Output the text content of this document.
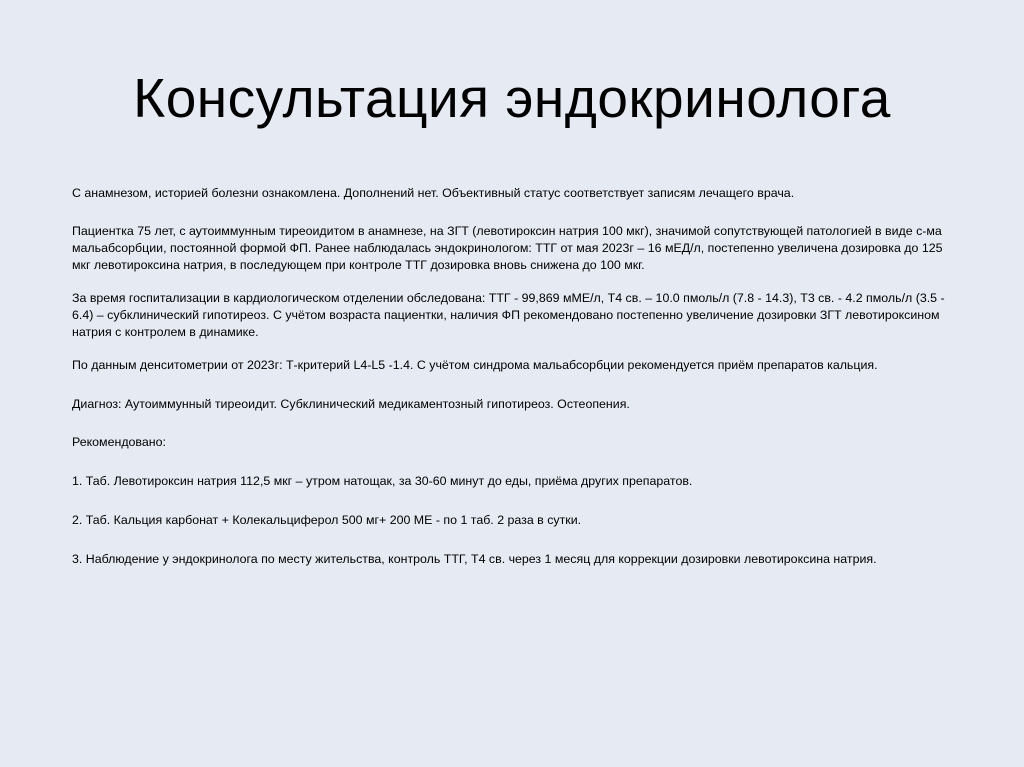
Консультация эндокринолога

С анамнезом, историей болезни ознакомлена. Дополнений нет. Объективный статус соответствует записям лечащего врача.

Пациентка 75 лет, с аутоиммунным тиреоидитом в анамнезе, на ЗГТ (левотироксин натрия 100 мкг), значимой сопутствующей патологией в виде с-ма мальабсорбции, постоянной формой ФП. Ранее наблюдалась эндокринологом: ТТГ от мая 2023г – 16 мЕД/л, постепенно увеличена дозировка до 125 мкг левотироксина натрия, в последующем при контроле ТТГ дозировка вновь снижена до 100 мкг.

За время госпитализации в кардиологическом отделении обследована: ТТГ - 99,869 мМЕ/л, Т4 св. – 10.0 пмоль/л (7.8 - 14.3), Т3 св. - 4.2 пмоль/л (3.5 - 6.4) – субклинический гипотиреоз. С учётом возраста пациентки, наличия ФП рекомендовано постепенно увеличение дозировки ЗГТ левотироксином натрия с контролем в динамике.

По данным денситометрии от 2023г: Т-критерий L4-L5 -1.4. С учётом синдрома мальабсорбции рекомендуется приём препаратов кальция.

Диагноз: Аутоиммунный тиреоидит. Субклинический медикаментозный гипотиреоз. Остеопения.

Рекомендовано:

1. Таб. Левотироксин натрия 112,5 мкг – утром натощак, за 30-60 минут до еды, приёма других препаратов.

2. Таб. Кальция карбонат + Колекальциферол 500 мг+ 200 МЕ - по 1 таб. 2 раза в сутки.

3. Наблюдение у эндокринолога по месту жительства, контроль ТТГ, Т4 св. через 1 месяц для коррекции дозировки левотироксина натрия.
